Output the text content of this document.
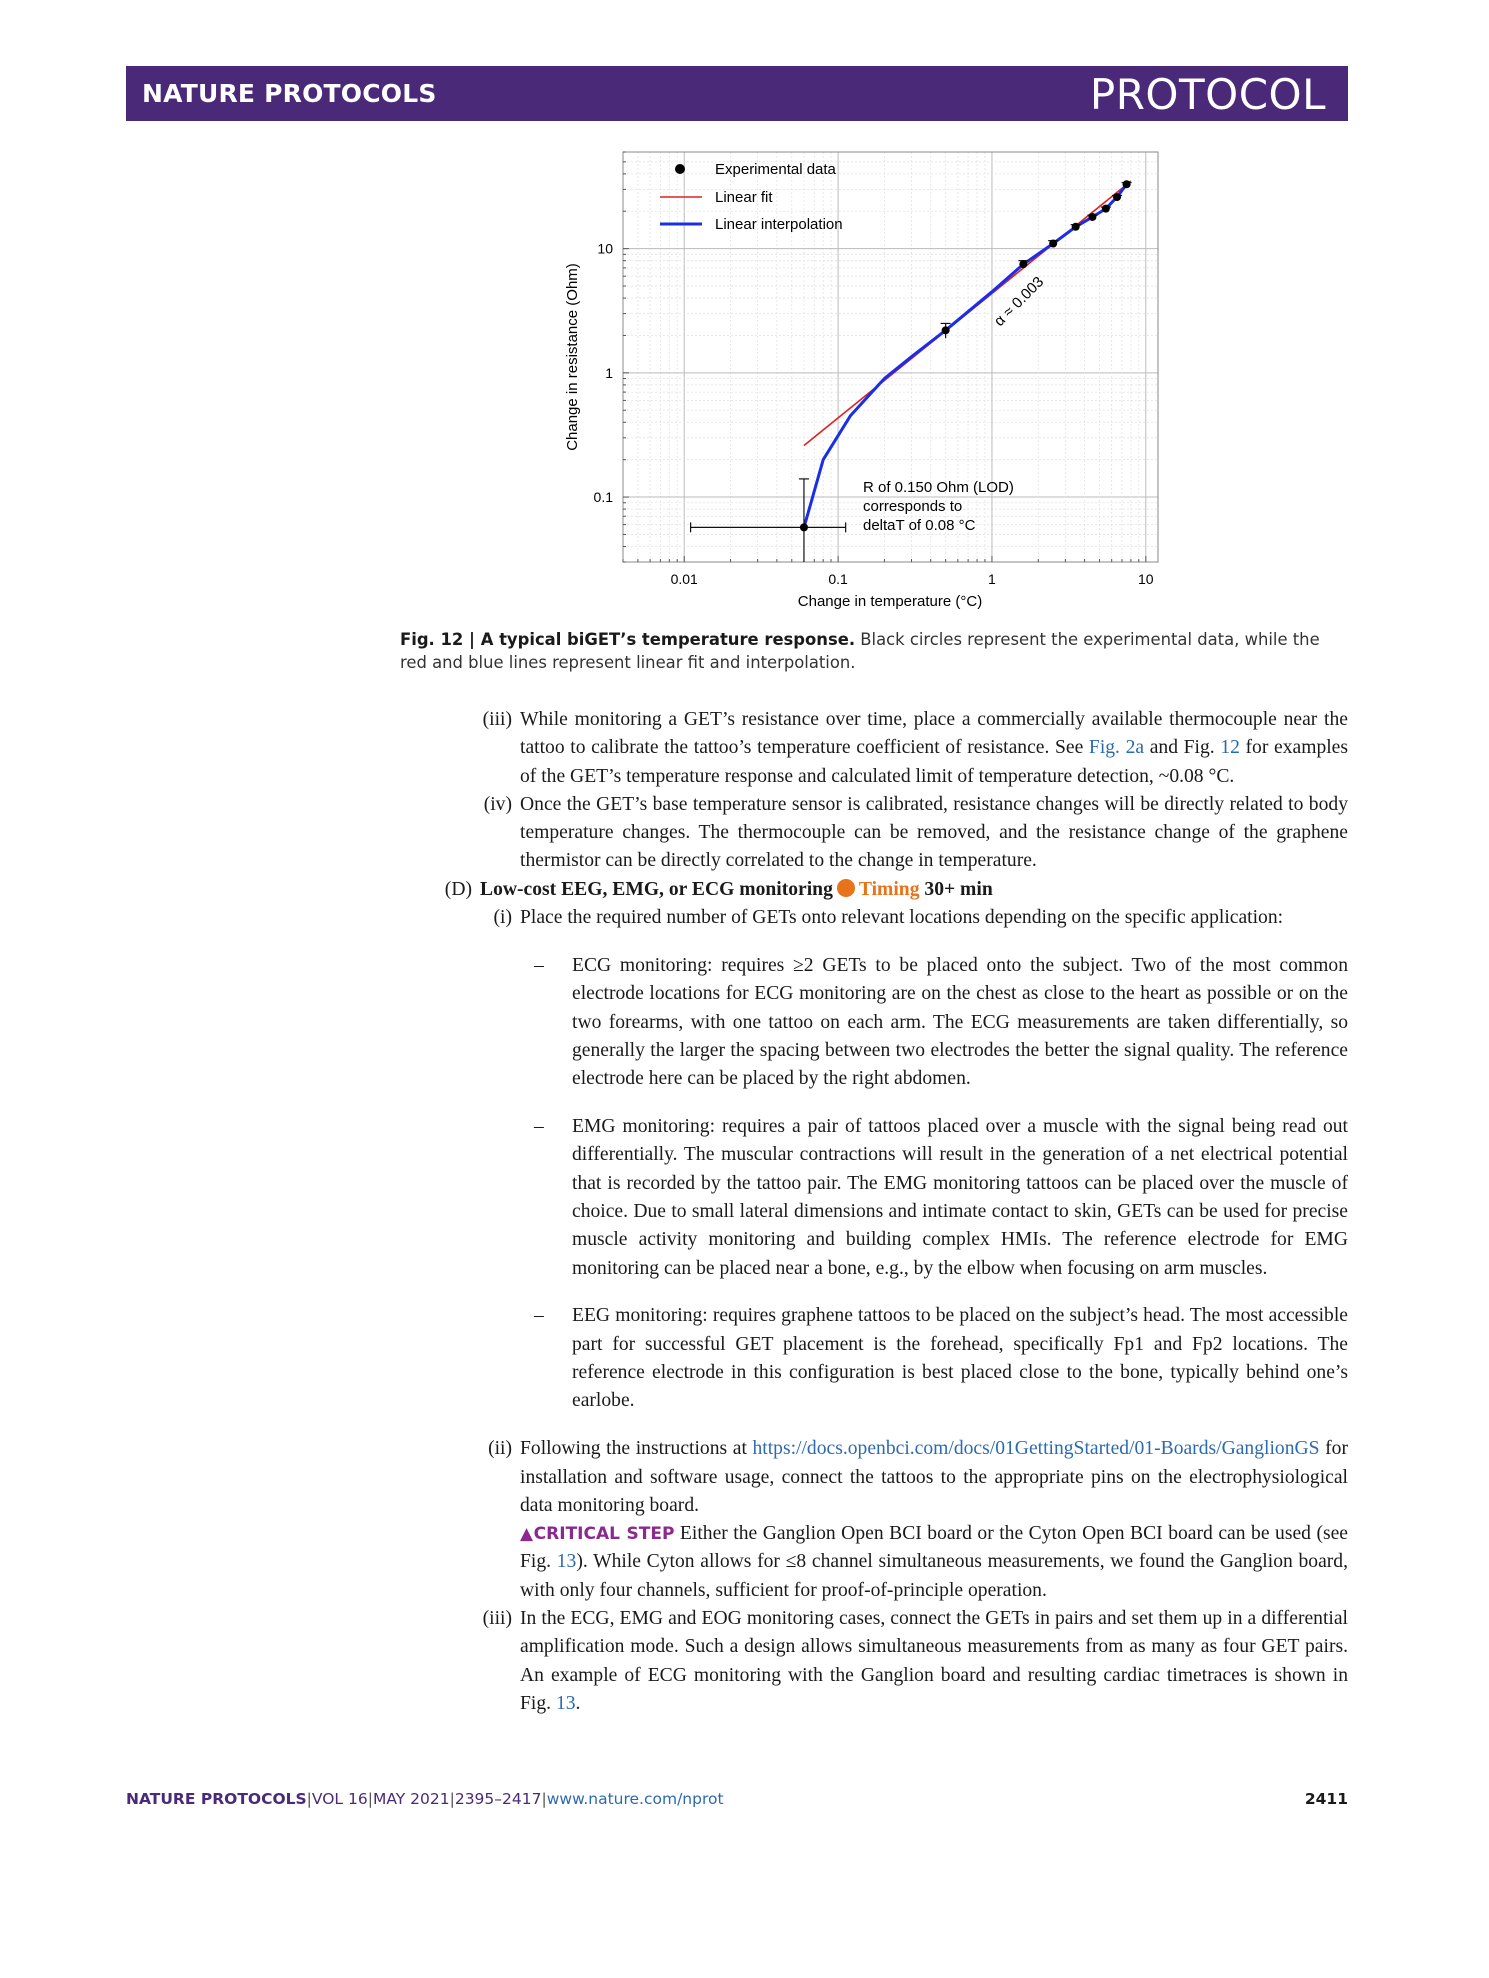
NATURE PROTOCOLS	PROTOCOL
0.01	0.1	1	10
0.1
1
10
Change in temperature (°C)
Change in resistance (Ohm)
Experimental data
Linear fit
Linear interpolation
α ≈ 0.003
R of 0.150 Ohm (LOD)
corresponds to
deltaT of 0.08 °C
Fig. 12 | A typical biGET’s temperature response. Black circles represent the experimental data, while the red and blue lines represent linear fit and interpolation.

(iii) While monitoring a GET’s resistance over time, place a commercially available thermocouple near the tattoo to calibrate the tattoo’s temperature coefficient of resistance. See Fig. 2a and Fig. 12 for examples of the GET’s temperature response and calculated limit of temperature detection, ~0.08 °C.

(iv) Once the GET’s base temperature sensor is calibrated, resistance changes will be directly related to body temperature changes. The thermocouple can be removed, and the resistance change of the graphene thermistor can be directly correlated to the change in temperature.

(D) Low-cost EEG, EMG, or ECG monitoring Timing 30+ min

(i) Place the required number of GETs onto relevant locations depending on the specific application:

– ECG monitoring: requires ≥2 GETs to be placed onto the subject. Two of the most common electrode locations for ECG monitoring are on the chest as close to the heart as possible or on the two forearms, with one tattoo on each arm. The ECG measurements are taken differentially, so generally the larger the spacing between two electrodes the better the signal quality. The reference electrode here can be placed by the right abdomen.

– EMG monitoring: requires a pair of tattoos placed over a muscle with the signal being read out differentially. The muscular contractions will result in the generation of a net electrical potential that is recorded by the tattoo pair. The EMG monitoring tattoos can be placed over the muscle of choice. Due to small lateral dimensions and intimate contact to skin, GETs can be used for precise muscle activity monitoring and building complex HMIs. The reference electrode for EMG monitoring can be placed near a bone, e.g., by the elbow when focusing on arm muscles.

– EEG monitoring: requires graphene tattoos to be placed on the subject’s head. The most accessible part for successful GET placement is the forehead, specifically Fp1 and Fp2 locations. The reference electrode in this configuration is best placed close to the bone, typically behind one’s earlobe.

(ii) Following the instructions at https://docs.openbci.com/docs/01GettingStarted/01-Boards/GanglionGS for installation and software usage, connect the tattoos to the appropriate pins on the electrophysiological data monitoring board.
▲CRITICAL STEP Either the Ganglion Open BCI board or the Cyton Open BCI board can be used (see Fig. 13). While Cyton allows for ≤8 channel simultaneous measurements, we found the Ganglion board, with only four channels, sufficient for proof-of-principle operation.

(iii) In the ECG, EMG and EOG monitoring cases, connect the GETs in pairs and set them up in a differential amplification mode. Such a design allows simultaneous measurements from as many as four GET pairs. An example of ECG monitoring with the Ganglion board and resulting cardiac timetraces is shown in Fig. 13.

NATURE PROTOCOLS|VOL 16|MAY 2021|2395–2417|www.nature.com/nprot	2411
